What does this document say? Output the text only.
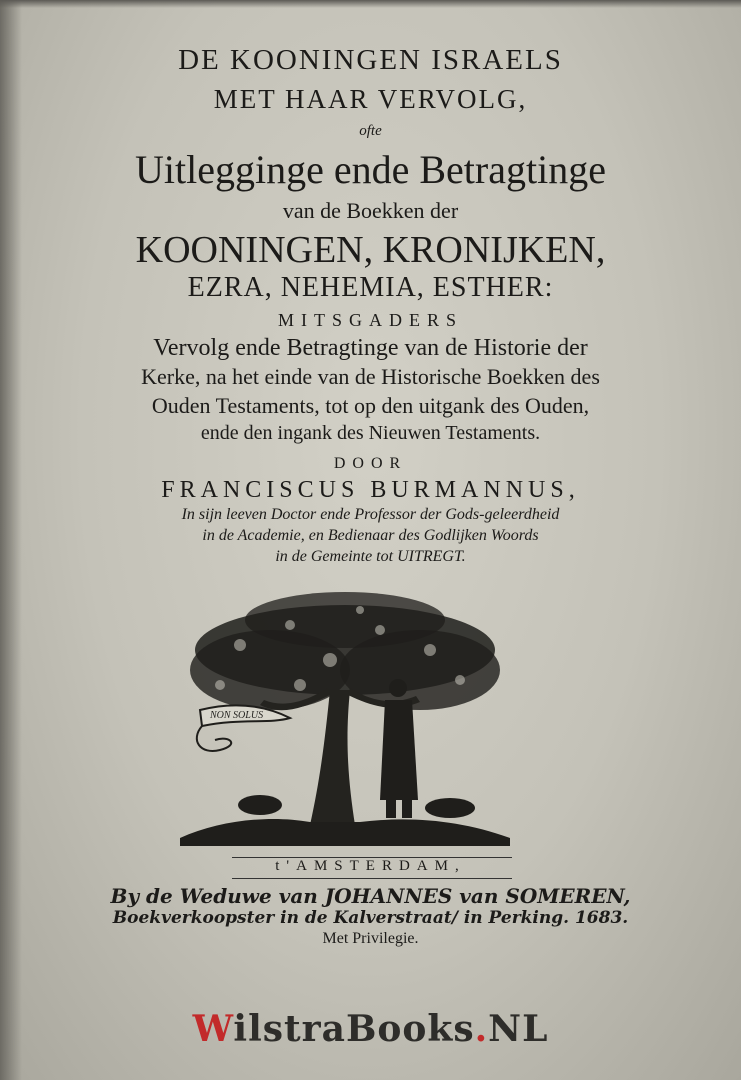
DE KOONINGEN ISRAELS
MET HAAR VERVOLG,
ofte
Uitlegginge ende Betragtinge
van de Boekken der
KOONINGEN, KRONIJKEN,
EZRA, NEHEMIA, ESTHER:
MITSGADERS
Vervolg ende Betragtinge van de Historie der
Kerke, na het einde van de Historische Boekken des
Ouden Testaments, tot op den uitgank des Ouden,
ende den ingank des Nieuwen Testaments.
DOOR
FRANCISCUS BURMANNUS,
In sijn leeven Doctor ende Professor der Gods-geleerdheid
in de Academie, en Bedienaar des Godlijken Woords
in de Gemeinte tot UITREGT.
NON SOLUS
t'AMSTERDAM,
By de Weduwe van JOHANNES van SOMEREN,
Boekverkoopster in de Kalverstraat/ in Perking. 1683.
Met Privilegie.
WilstraBooks.NL
